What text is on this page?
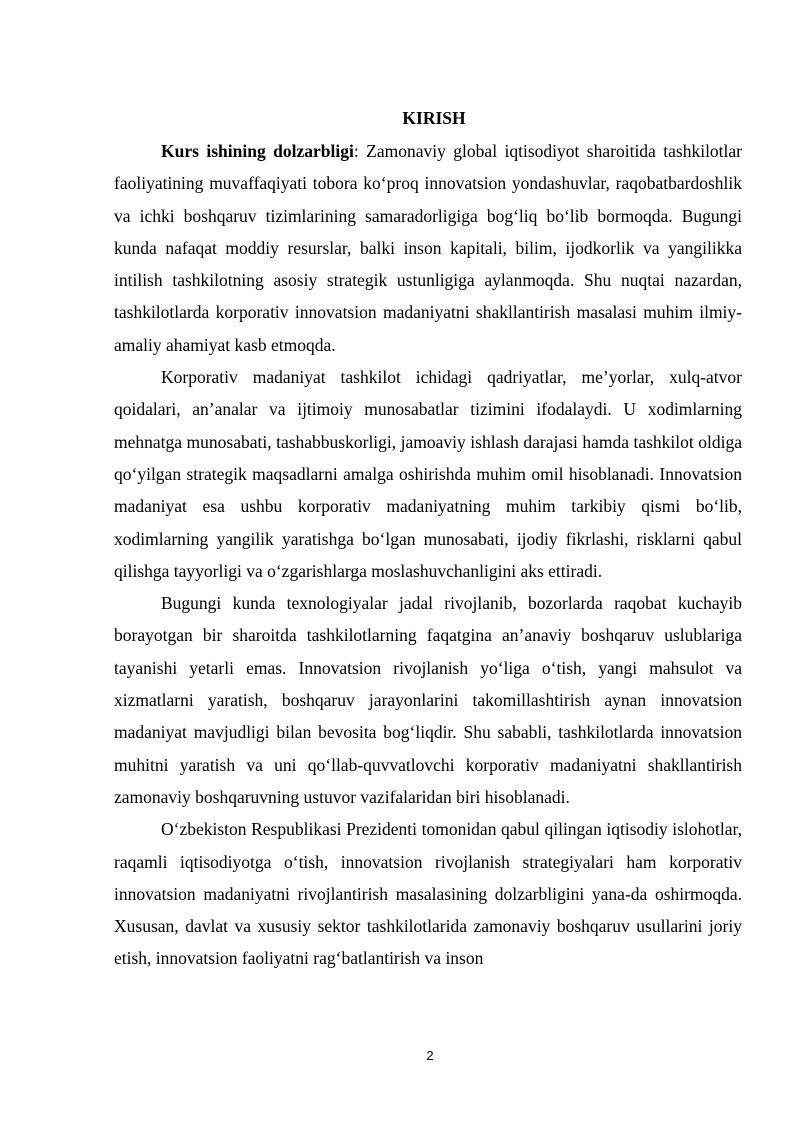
KIRISH

Kurs ishining dolzarbligi: Zamonaviy global iqtisodiyot sharoitida tashkilotlar faoliyatining muvaffaqiyati tobora ko‘proq innovatsion yondashuvlar, raqobatbardoshlik va ichki boshqaruv tizimlarining samaradorligiga bog‘liq bo‘lib bormoqda. Bugungi kunda nafaqat moddiy resurslar, balki inson kapitali, bilim, ijodkorlik va yangilikka intilish tashkilotning asosiy strategik ustunligiga aylanmoqda. Shu nuqtai nazardan, tashkilotlarda korporativ innovatsion madaniyatni shakllantirish masalasi muhim ilmiy-amaliy ahamiyat kasb etmoqda.

Korporativ madaniyat tashkilot ichidagi qadriyatlar, me’yorlar, xulq-atvor qoidalari, an’analar va ijtimoiy munosabatlar tizimini ifodalaydi. U xodimlarning mehnatga munosabati, tashabbuskorligi, jamoaviy ishlash darajasi hamda tashkilot oldiga qo‘yilgan strategik maqsadlarni amalga oshirishda muhim omil hisoblanadi. Innovatsion madaniyat esa ushbu korporativ madaniyatning muhim tarkibiy qismi bo‘lib, xodimlarning yangilik yaratishga bo‘lgan munosabati, ijodiy fikrlashi, risklarni qabul qilishga tayyorligi va o‘zgarishlarga moslashuvchanligini aks ettiradi.

Bugungi kunda texnologiyalar jadal rivojlanib, bozorlarda raqobat kuchayib borayotgan bir sharoitda tashkilotlarning faqatgina an’anaviy boshqaruv uslublariga tayanishi yetarli emas. Innovatsion rivojlanish yo‘liga o‘tish, yangi mahsulot va xizmatlarni yaratish, boshqaruv jarayonlarini takomillashtirish aynan innovatsion madaniyat mavjudligi bilan bevosita bog‘liqdir. Shu sababli, tashkilotlarda innovatsion muhitni yaratish va uni qo‘llab-quvvatlovchi korporativ madaniyatni shakllantirish zamonaviy boshqaruvning ustuvor vazifalaridan biri hisoblanadi.

O‘zbekiston Respublikasi Prezidenti tomonidan qabul qilingan iqtisodiy islohotlar, raqamli iqtisodiyotga o‘tish, innovatsion rivojlanish strategiyalari ham korporativ innovatsion madaniyatni rivojlantirish masalasining dolzarbligini yana-da oshirmoqda. Xususan, davlat va xususiy sektor tashkilotlarida zamonaviy boshqaruv usullarini joriy etish, innovatsion faoliyatni rag‘batlantirish va inson

2
